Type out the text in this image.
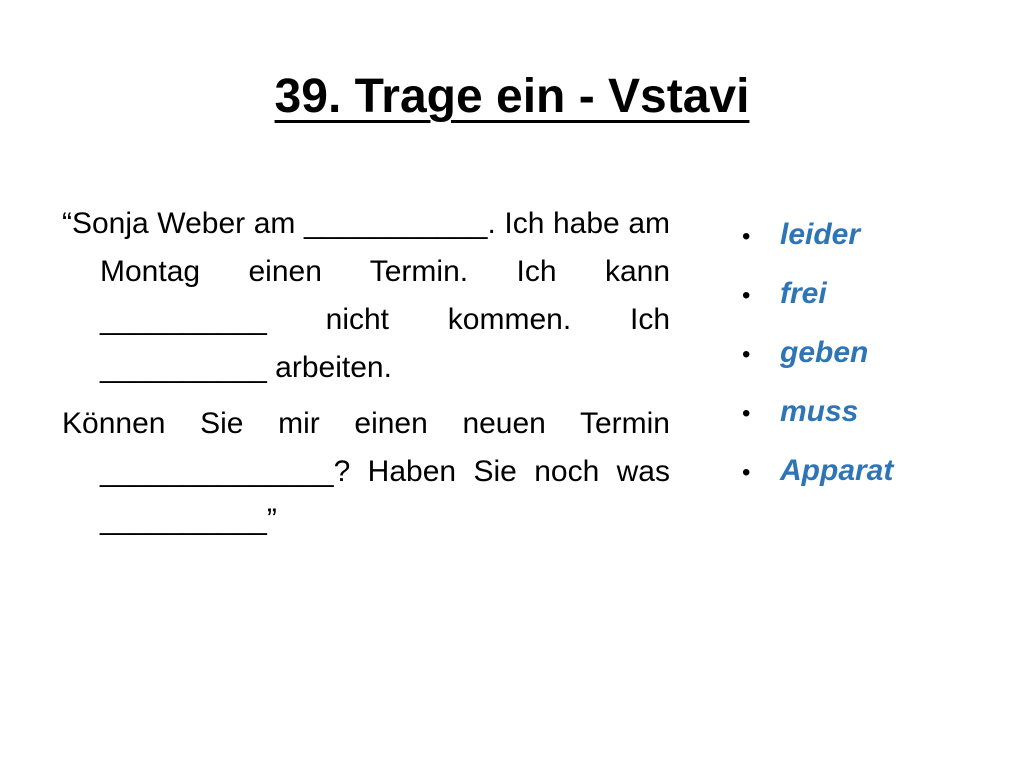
39. Trage ein - Vstavi

“Sonja Weber am ___________. Ich habe am Montag einen Termin. Ich kann __________ nicht kommen. Ich __________ arbeiten.

Können Sie mir einen neuen Termin ______________? Haben Sie noch was __________”

• leider
• frei
• geben
• muss
• Apparat
